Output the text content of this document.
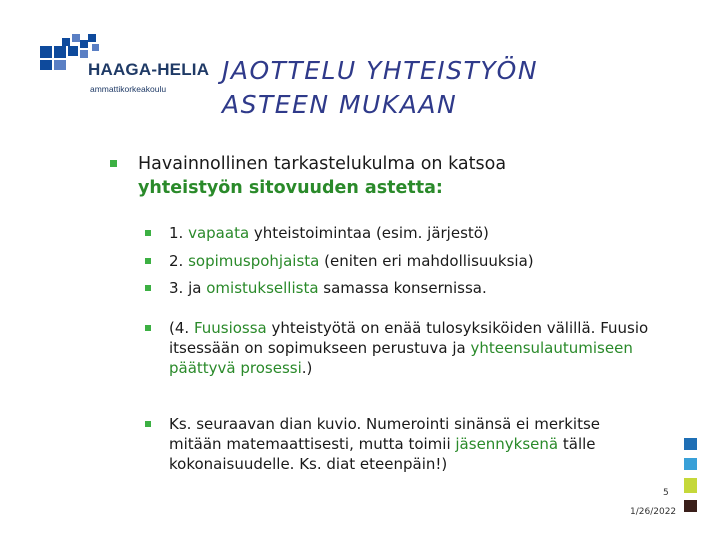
HAAGA-HELIA
ammattikorkeakoulu
JAOTTELU YHTEISTYÖN
ASTEEN MUKAAN
Havainnollinen tarkastelukulma on katsoa
yhteistyön sitovuuden astetta:
1. vapaata yhteistoimintaa (esim. järjestö)
2. sopimuspohjaista (eniten eri mahdollisuuksia)
3. ja omistuksellista samassa konsernissa.
(4. Fuusiossa yhteistyötä on enää tulosyksiköiden välillä. Fuusio itsessään on sopimukseen perustuva ja yhteensulautumiseen päättyvä prosessi.)
Ks. seuraavan dian kuvio. Numerointi sinänsä ei merkitse mitään matemaattisesti, mutta toimii jäsennyksenä tälle kokonaisuudelle. Ks. diat eteenpäin!)
5
1/26/2022
